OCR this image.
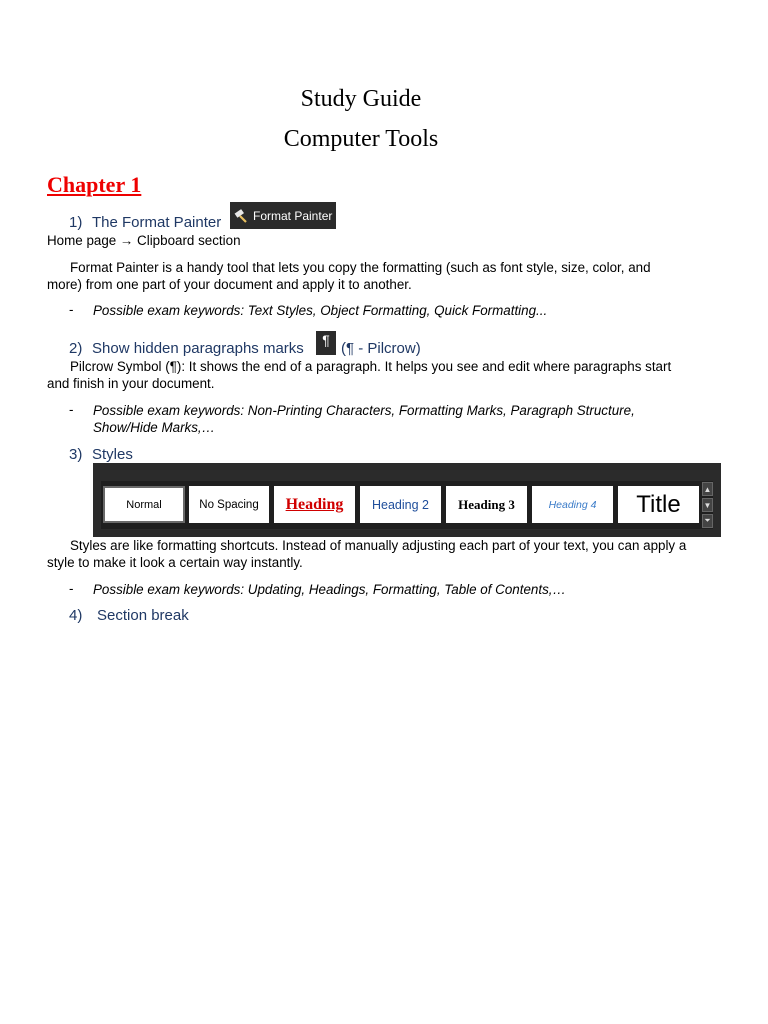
Study Guide
Computer Tools
Chapter 1
1) The Format Painter	Format Painter
Home page → Clipboard section
Format Painter is a handy tool that lets you copy the formatting (such as font style, size, color, and more) from one part of your document and apply it to another.
- Possible exam keywords: Text Styles, Object Formatting, Quick Formatting...
2) Show hidden paragraphs marks	¶ (¶ - Pilcrow)
Pilcrow Symbol (¶): It shows the end of a paragraph. It helps you see and edit where paragraphs start and finish in your document.
- Possible exam keywords: Non-Printing Characters, Formatting Marks, Paragraph Structure, Show/Hide Marks,…
3) Styles
Normal	No Spacing	Heading	Heading 2	Heading 3	Heading 4	Title
▲
▼
⏷
Styles are like formatting shortcuts. Instead of manually adjusting each part of your text, you can apply a style to make it look a certain way instantly.
- Possible exam keywords: Updating, Headings, Formatting, Table of Contents,…
4) Section break
